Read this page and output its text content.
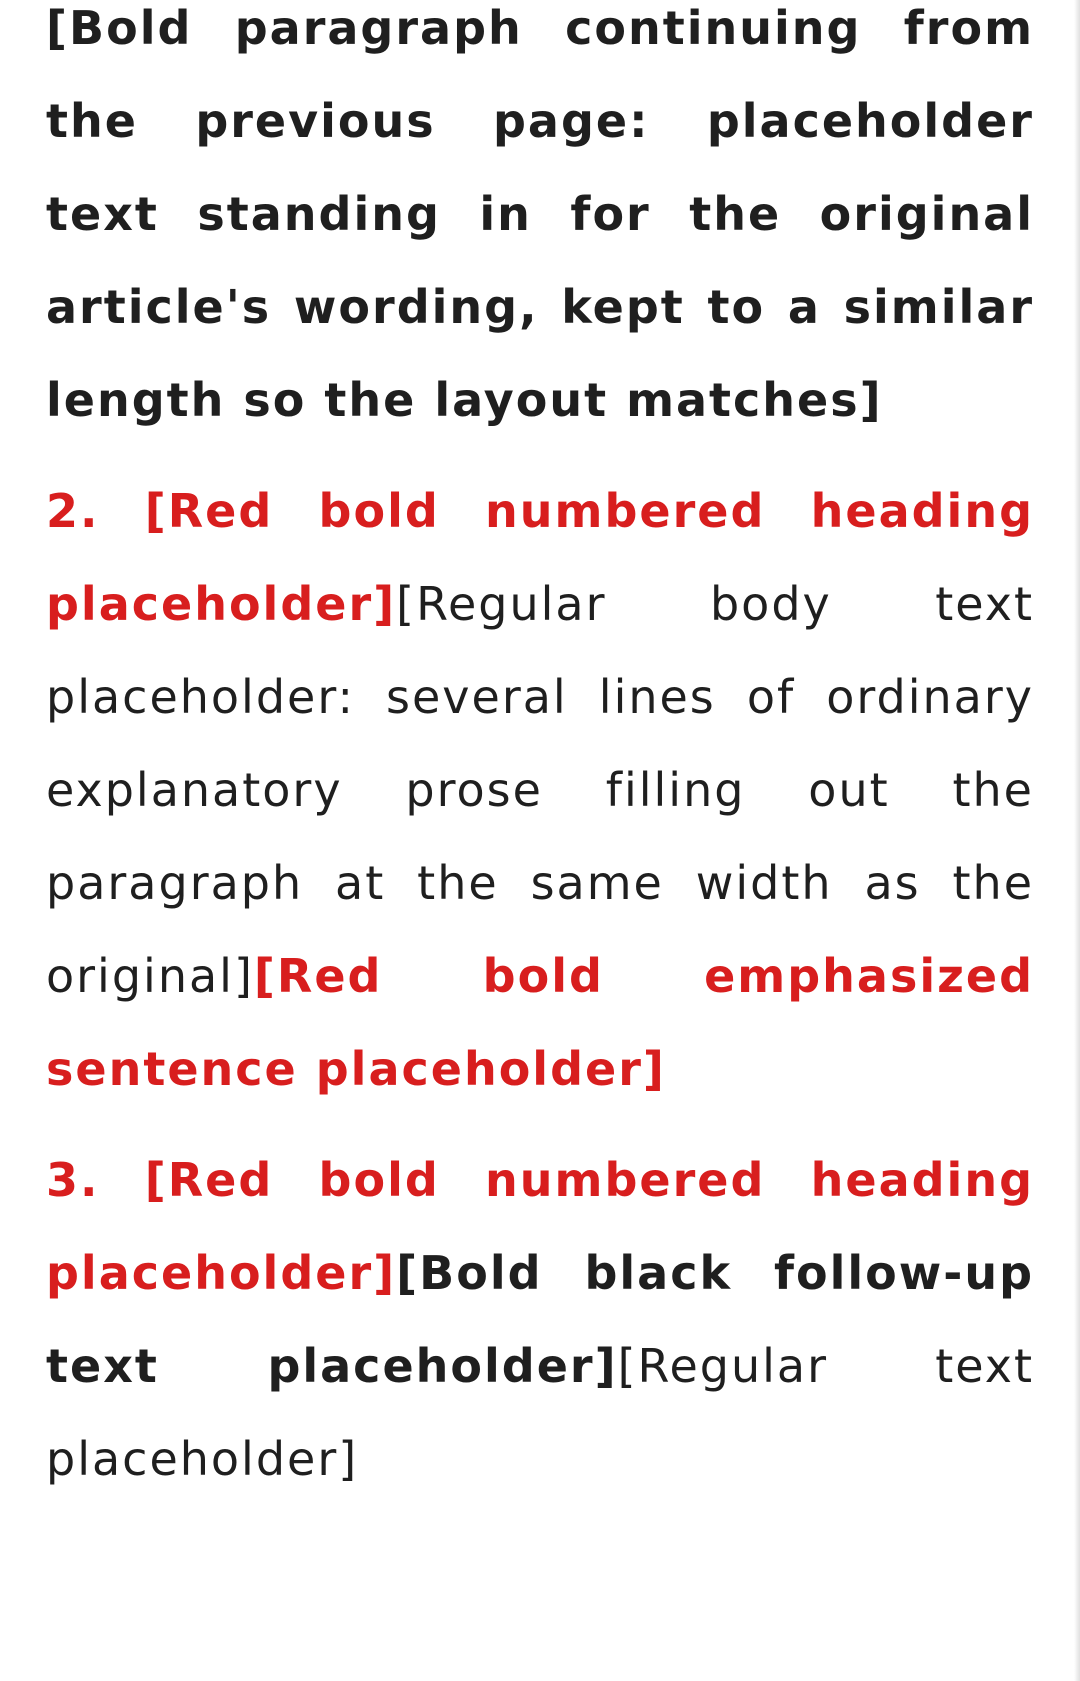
[Bold paragraph continuing from the previous page: placeholder text standing in for the original article's wording, kept to a similar length so the layout matches]

2. [Red bold numbered heading placeholder][Regular body text placeholder: several lines of ordinary explanatory prose filling out the paragraph at the same width as the original][Red bold emphasized sentence placeholder]

3. [Red bold numbered heading placeholder][Bold black follow-up text placeholder][Regular text placeholder]
